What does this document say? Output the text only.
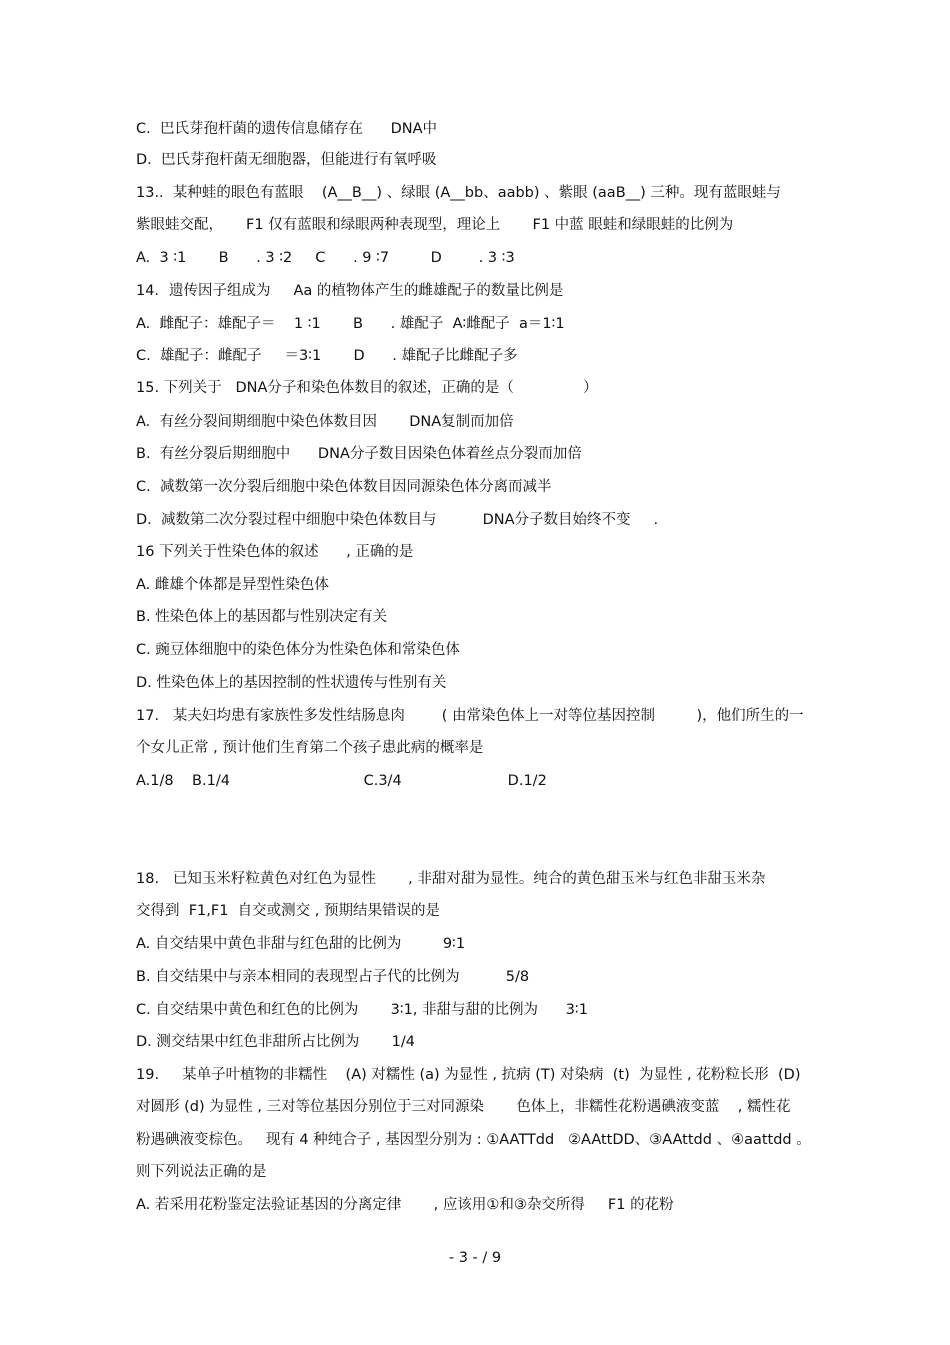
C.  巴氏芽孢杆菌的遗传信息储存在      DNA中
D.  巴氏芽孢杆菌无细胞器，但能进行有氧呼吸
13..  某种蛙的眼色有蓝眼    (A__B__) 、绿眼 (A__bb、aabb) 、紫眼 (aaB__) 三种。现有蓝眼蛙与
紫眼蛙交配，     F1 仅有蓝眼和绿眼两种表现型，理论上       F1 中蓝 眼蛙和绿眼蛙的比例为
A.  3 ∶1       B      . 3 ∶2     C      . 9 ∶7         D        . 3 ∶3
14．遗传因子组成为     Aa 的植物体产生的雌雄配子的数量比例是
A.  雌配子：雄配子＝    1 ∶1       B      . 雄配子  A∶雌配子  a＝1∶1
C.  雄配子：雌配子     ＝3∶1       D      . 雄配子比雌配子多
15. 下列关于   DNA分子和染色体数目的叙述，正确的是（               ）
A.  有丝分裂间期细胞中染色体数目因       DNA复制而加倍
B.  有丝分裂后期细胞中      DNA分子数目因染色体着丝点分裂而加倍
C.  减数第一次分裂后细胞中染色体数目因同源染色体分离而减半
D.  减数第二次分裂过程中细胞中染色体数目与          DNA分子数目始终不变     .
16 下列关于性染色体的叙述      , 正确的是
A. 雌雄个体都是异型性染色体
B. 性染色体上的基因都与性别决定有关
C. 豌豆体细胞中的染色体分为性染色体和常染色体
D. 性染色体上的基因控制的性状遗传与性别有关
17.   某夫妇均患有家族性多发性结肠息肉        ( 由常染色体上一对等位基因控制         )，他们所生的一
个女儿正常 , 预计他们生育第二个孩子患此病的概率是
A.1/8    B.1/4                             C.3/4                       D.1/2
18.   已知玉米籽粒黄色对红色为显性       , 非甜对甜为显性。纯合的黄色甜玉米与红色非甜玉米杂
交得到  F1,F1  自交或测交 , 预期结果错误的是
A. 自交结果中黄色非甜与红色甜的比例为         9∶1
B. 自交结果中与亲本相同的表现型占子代的比例为          5/8
C. 自交结果中黄色和红色的比例为       3∶1, 非甜与甜的比例为      3∶1
D. 测交结果中红色非甜所占比例为       1/4
19.     某单子叶植物的非糯性    (A) 对糯性 (a) 为显性 , 抗病 (T) 对染病  (t)  为显性 , 花粉粒长形  (D)
对圆形 (d) 为显性 , 三对等位基因分别位于三对同源染       色体上，非糯性花粉遇碘液变蓝    , 糯性花
粉遇碘液变棕色。   现有 4 种纯合子 , 基因型分别为 : ①AATTdd   ②AAttDD、③AAttdd 、④aattdd 。
则下列说法正确的是
A. 若采用花粉鉴定法验证基因的分离定律       , 应该用①和③杂交所得     F1 的花粉
- 3 - / 9
